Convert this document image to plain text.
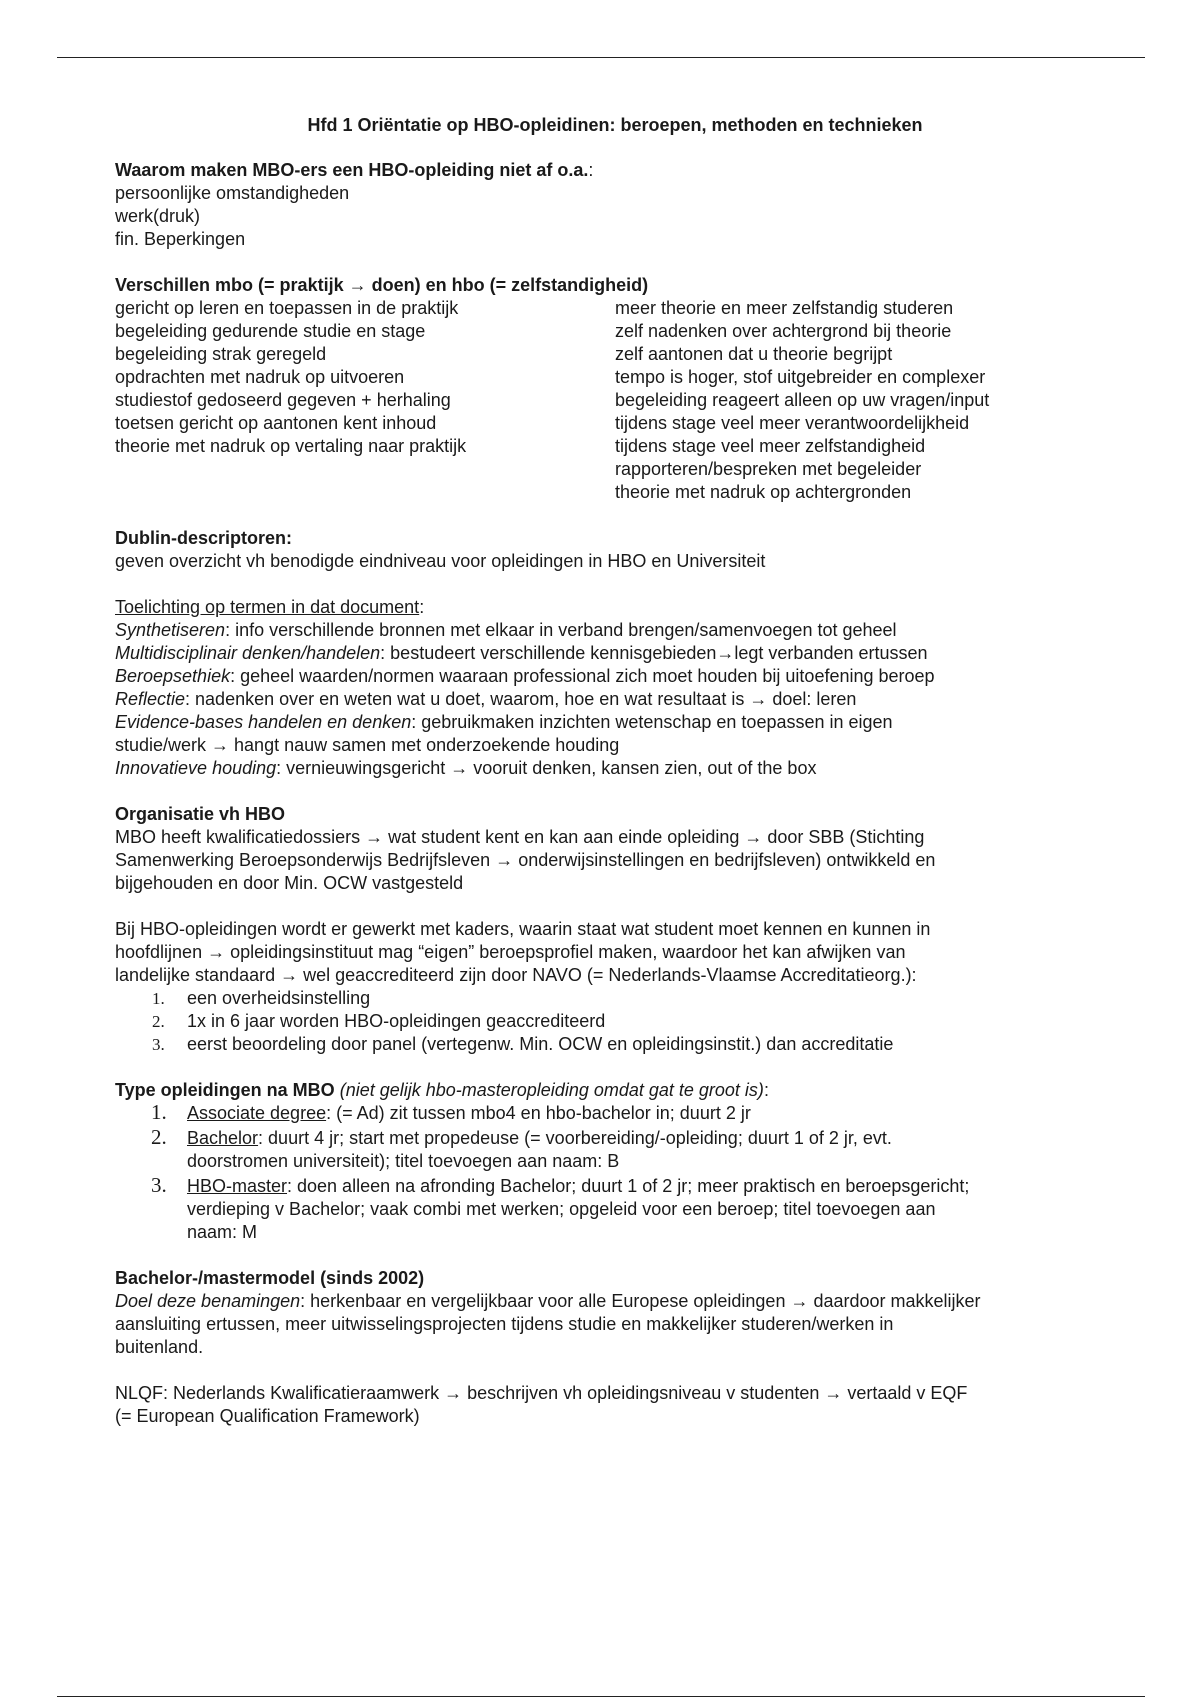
Hfd 1 Oriëntatie op HBO-opleidinen: beroepen, methoden en technieken
Waarom maken MBO-ers een HBO-opleiding niet af o.a.:
persoonlijke omstandigheden
werk(druk)
fin. Beperkingen
Verschillen mbo (= praktijk → doen) en hbo (= zelfstandigheid)
gericht op leren en toepassen in de praktijk
begeleiding gedurende studie en stage
begeleiding strak geregeld
opdrachten met nadruk op uitvoeren
studiestof gedoseerd gegeven + herhaling
toetsen gericht op aantonen kent inhoud
theorie met nadruk op vertaling naar praktijk
meer theorie en meer zelfstandig studeren
zelf nadenken over achtergrond bij theorie
zelf aantonen dat u theorie begrijpt
tempo is hoger, stof uitgebreider en complexer
begeleiding reageert alleen op uw vragen/input
tijdens stage veel meer verantwoordelijkheid
tijdens stage veel meer zelfstandigheid
rapporteren/bespreken met begeleider
theorie met nadruk op achtergronden
Dublin-descriptoren:
geven overzicht vh benodigde eindniveau voor opleidingen in HBO en Universiteit
Toelichting op termen in dat document:
Synthetiseren: info verschillende bronnen met elkaar in verband brengen/samenvoegen tot geheel
Multidisciplinair denken/handelen: bestudeert verschillende kennisgebieden→legt verbanden ertussen
Beroepsethiek: geheel waarden/normen waaraan professional zich moet houden bij uitoefening beroep
Reflectie: nadenken over en weten wat u doet, waarom, hoe en wat resultaat is → doel: leren
Evidence-bases handelen en denken: gebruikmaken inzichten wetenschap en toepassen in eigen
studie/werk → hangt nauw samen met onderzoekende houding
Innovatieve houding: vernieuwingsgericht → vooruit denken, kansen zien, out of the box
Organisatie vh HBO
MBO heeft kwalificatiedossiers → wat student kent en kan aan einde opleiding → door SBB (Stichting
Samenwerking Beroepsonderwijs Bedrijfsleven → onderwijsinstellingen en bedrijfsleven) ontwikkeld en
bijgehouden en door Min. OCW vastgesteld
Bij HBO-opleidingen wordt er gewerkt met kaders, waarin staat wat student moet kennen en kunnen in
hoofdlijnen → opleidingsinstituut mag “eigen” beroepsprofiel maken, waardoor het kan afwijken van
landelijke standaard → wel geaccrediteerd zijn door NAVO (= Nederlands-Vlaamse Accreditatieorg.):
1. een overheidsinstelling
2. 1x in 6 jaar worden HBO-opleidingen geaccrediteerd
3. eerst beoordeling door panel (vertegenw. Min. OCW en opleidingsinstit.) dan accreditatie
Type opleidingen na MBO (niet gelijk hbo-masteropleiding omdat gat te groot is):
1. Associate degree: (= Ad) zit tussen mbo4 en hbo-bachelor in; duurt 2 jr
2. Bachelor: duurt 4 jr; start met propedeuse (= voorbereiding/-opleiding; duurt 1 of 2 jr, evt.
doorstromen universiteit); titel toevoegen aan naam: B
3. HBO-master: doen alleen na afronding Bachelor; duurt 1 of 2 jr; meer praktisch en beroepsgericht;
verdieping v Bachelor; vaak combi met werken; opgeleid voor een beroep; titel toevoegen aan
naam: M
Bachelor-/mastermodel (sinds 2002)
Doel deze benamingen: herkenbaar en vergelijkbaar voor alle Europese opleidingen → daardoor makkelijker
aansluiting ertussen, meer uitwisselingsprojecten tijdens studie en makkelijker studeren/werken in
buitenland.
NLQF: Nederlands Kwalificatieraamwerk → beschrijven vh opleidingsniveau v studenten → vertaald v EQF
(= European Qualification Framework)
